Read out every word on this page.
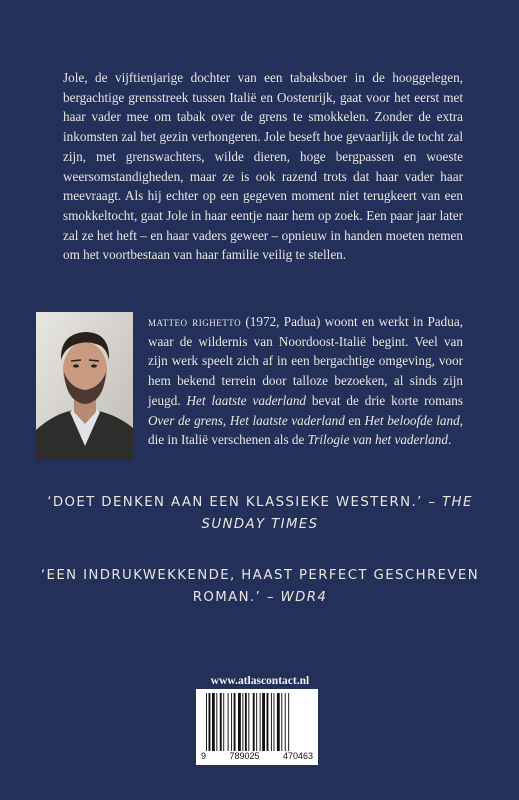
Jole, de vijftienjarige dochter van een tabaksboer in de hooggelegen, bergachtige grensstreek tussen Italië en Oostenrijk, gaat voor het eerst met haar vader mee om tabak over de grens te smokkelen. Zonder de extra inkomsten zal het gezin verhongeren. Jole beseft hoe gevaarlijk de tocht zal zijn, met grenswachters, wilde dieren, hoge bergpassen en woeste weersomstandigheden, maar ze is ook razend trots dat haar vader haar meevraagt. Als hij echter op een gegeven moment niet terugkeert van een smokkeltocht, gaat Jole in haar eentje naar hem op zoek. Een paar jaar later zal ze het heft – en haar vaders geweer – opnieuw in handen moeten nemen om het voortbestaan van haar familie veilig te stellen.

matteo righetto (1972, Padua) woont en werkt in Padua, waar de wildernis van Noordoost-Italië begint. Veel van zijn werk speelt zich af in een bergachtige omgeving, voor hem bekend terrein door talloze bezoeken, al sinds zijn jeugd. Het laatste vaderland bevat de drie korte romans Over de grens, Het laatste vaderland en Het beloofde land, die in Italië verschenen als de Trilogie van het vaderland.

‘DOET DENKEN AAN EEN KLASSIEKE WESTERN.’ – THE SUNDAY TIMES

‘EEN INDRUKWEKKENDE, HAAST PERFECT GESCHREVEN ROMAN.’ – WDR4

www.atlascontact.nl
9	789025	470463
